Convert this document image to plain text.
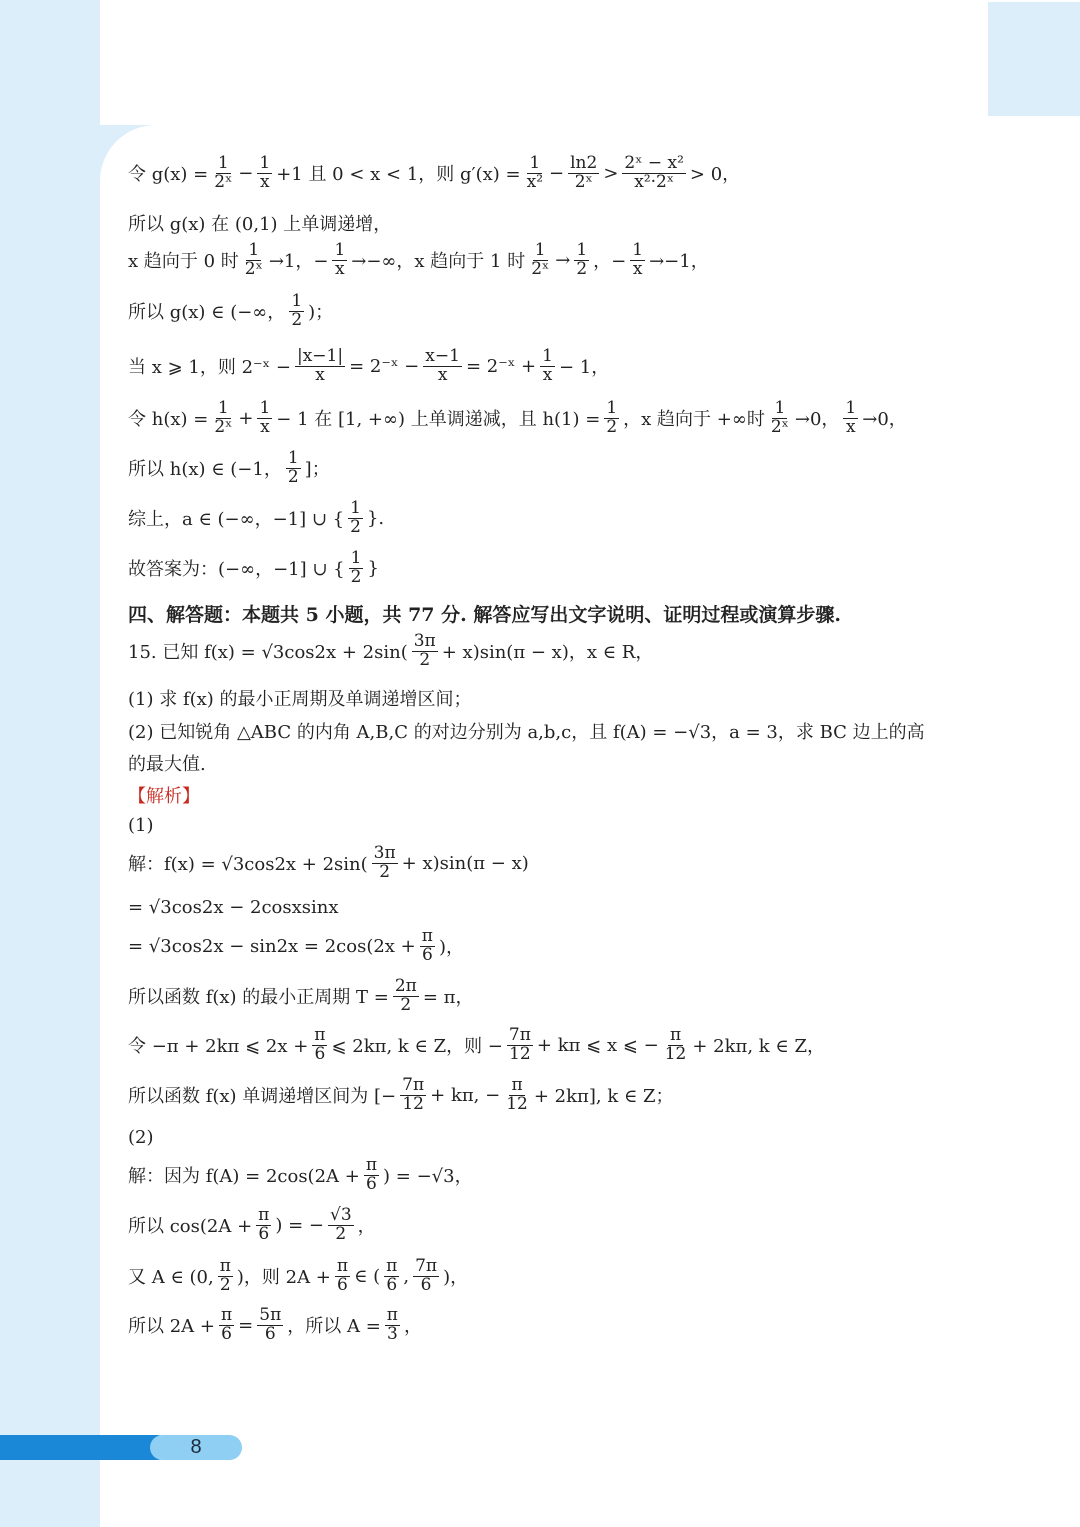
令 $g(x) = \frac{1}{\text{2ˣ}} - \frac{1}{x} +1$ 且 0 < x < 1，则 $g'(x) = \frac{1}{\text{x²}} - \frac{\ln 2}{\text{2ˣ}} > \frac{\text{2ˣ − x²}}{\text{x²·2ˣ}} > 0$，
所以 g(x) 在 (0,1) 上单调递增，
x 趋向于 0 时 $\frac{1}{\text{2ˣ}} \to 1$，− $\frac{1}{x}$ →−∞，x 趋向于 1 时 $\frac{1}{\text{2ˣ}} \to \frac{1}{2}$ ，− $\frac{1}{x} \to-1$，
所以 g(x) ∈ (−∞， $\frac{1}{2}$ )；
当 x ⩾ 1，则 2⁻ˣ − $\frac{|x-1|}{x}$ = 2⁻ˣ − $\frac{x-1}{x}$ = 2⁻ˣ + $\frac{1}{x} - 1$，
令 $h(x) = \frac{1}{\text{2ˣ}} + \frac{1}{x} - 1$ 在 [1, +∞) 上单调递减，且 $h(1) = \frac{1}{2}$ ，x 趋向于 +∞时 $\frac{1}{\text{2ˣ}} \to 0$， $\frac{1}{x} \to 0$，
所以 h(x) ∈ (−1， $\frac{1}{2}$ ]；
综上，a ∈ (−∞，−1] ∪ { $\frac{1}{2}$ }.
故答案为：(−∞，−1] ∪ { $\frac{1}{2}$ }
四、解答题：本题共 5 小题，共 77 分. 解答应写出文字说明、证明过程或演算步骤.
15. 已知 $f(x) = √3\cos 2x + 2\sin( \frac{3\pi}{2} + x)\sin(\pi - x)$，x ∈ R，
(1) 求 f(x) 的最小正周期及单调递增区间；
(2) 已知锐角 △ABC 的内角 A,B,C 的对边分别为 a,b,c，且 f(A) = −√3，a = 3，求 BC 边上的高
的最大值.
【解析】
(1)
解：$f(x) = √3\cos 2x + 2\sin( \frac{3\pi}{2} + x)\sin(\pi - x)$
= √3cos2x − 2cosxsinx
= $√3\cos 2x - \sin 2x = 2\cos(2x + \frac{\pi}{6}$ )，
所以函数 f(x) 的最小正周期 $T = \frac{2\pi}{2} = \pi$，
令 −π + 2kπ ⩽ $2x + \frac{\pi}{6}$ ⩽ 2kπ, k ∈ Z，则 − $\frac{7\pi}{12} + k\pi$ ⩽ x ⩽ − $\frac{\pi}{12} + 2k\pi$, k ∈ Z，
所以函数 f(x) 单调递增区间为 [− $\frac{7\pi}{12} + k\pi$, − $\frac{\pi}{12} + 2k\pi$], k ∈ Z；
(2)
解：因为 $f(A) = 2\cos(2A + \frac{\pi}{6}$ ) = −√3，
所以 $\cos(2A + \frac{\pi}{6}$ ) = − $\frac{√3}{2}$ ，
又 A ∈ (0, $\frac{\pi}{2}$ )，则 $2A + \frac{\pi}{6}$ ∈ ( $\frac{\pi}{6}$ , $\frac{7\pi}{6}$ )，
所以 $2A + \frac{\pi}{6} = \frac{5\pi}{6}$ ，所以 $A = \frac{\pi}{3}$ ，
8
